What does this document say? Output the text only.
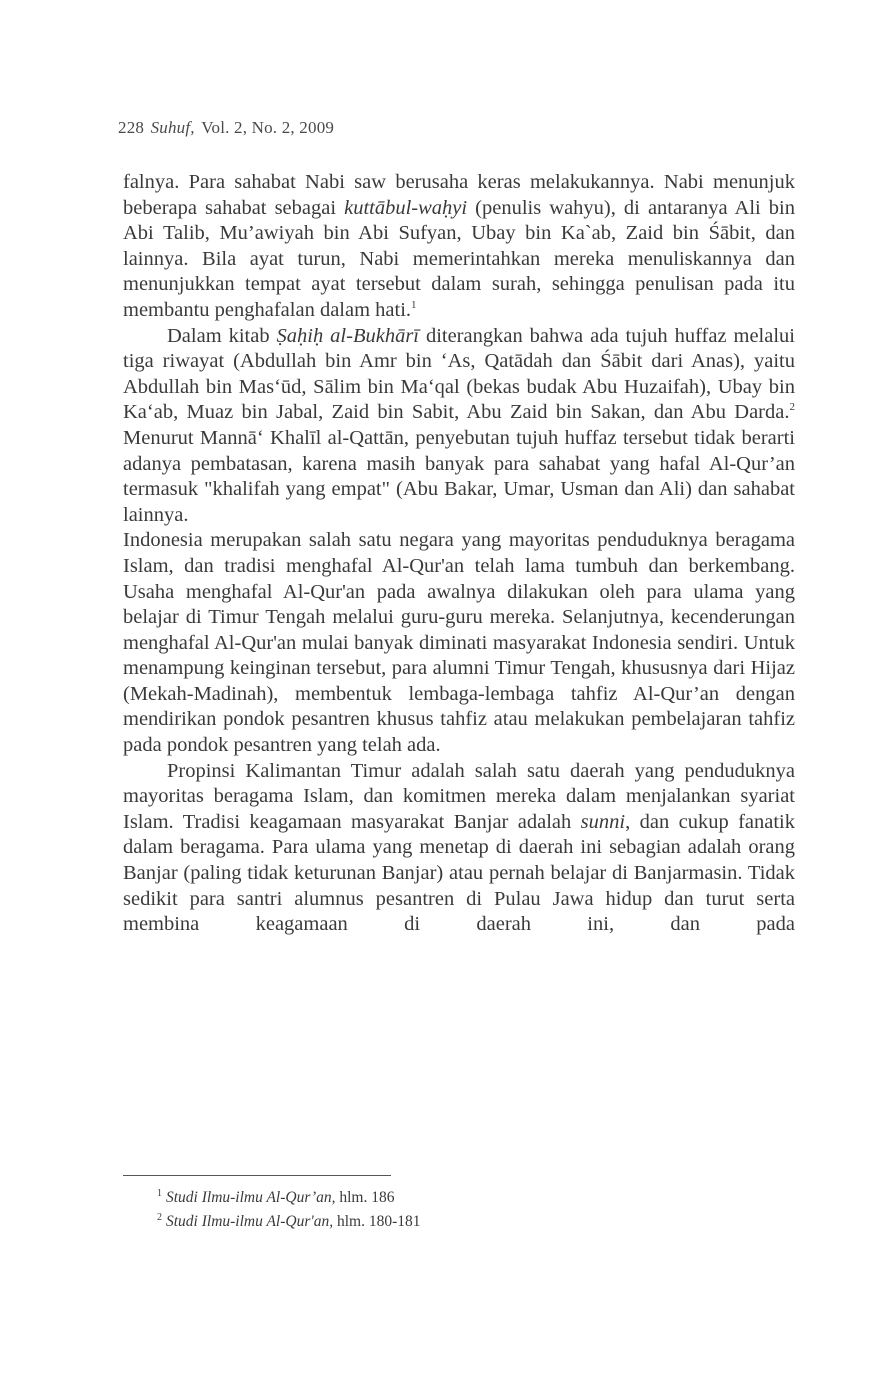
228 Suhuf, Vol. 2, No. 2, 2009

falnya. Para sahabat Nabi saw berusaha keras melakukannya. Nabi menunjuk beberapa sahabat sebagai kuttābul-waḥyi (penulis wahyu), di antaranya Ali bin Abi Talib, Mu’awiyah bin Abi Sufyan, Ubay bin Ka`ab, Zaid bin Śābit, dan lainnya. Bila ayat turun, Nabi memerintahkan mereka menuliskannya dan menunjukkan tempat ayat tersebut dalam surah, sehingga penulisan pada itu membantu penghafalan dalam hati.$^1$

Dalam kitab Ṣaḥiḥ al-Bukhārī diterangkan bahwa ada tujuh huffaz melalui tiga riwayat (Abdullah bin Amr bin ‘As, Qatādah dan Śābit dari Anas), yaitu Abdullah bin Mas‘ūd, Sālim bin Ma‘qal (bekas budak Abu Huzaifah), Ubay bin Ka‘ab, Muaz bin Jabal, Zaid bin Sabit, Abu Zaid bin Sakan, dan Abu Darda.$^2$ Menurut Mannā‘ Khalīl al-Qattān, penyebutan tujuh huffaz tersebut tidak berarti adanya pembatasan, karena masih banyak para sahabat yang hafal Al-Qur’an termasuk "khalifah yang empat" (Abu Bakar, Umar, Usman dan Ali) dan sahabat lainnya.

Indonesia merupakan salah satu negara yang mayoritas penduduknya beragama Islam, dan tradisi menghafal Al-Qur'an telah lama tumbuh dan berkembang. Usaha menghafal Al-Qur'an pada awalnya dilakukan oleh para ulama yang belajar di Timur Tengah melalui guru-guru mereka. Selanjutnya, kecenderungan menghafal Al-Qur'an mulai banyak diminati masyarakat Indonesia sendiri. Untuk menampung keinginan tersebut, para alumni Timur Tengah, khususnya dari Hijaz (Mekah-Madinah), membentuk lembaga-lembaga tahfiz Al-Qur’an dengan mendirikan pondok pesantren khusus tahfiz atau melakukan pembelajaran tahfiz pada pondok pesantren yang telah ada.

Propinsi Kalimantan Timur adalah salah satu daerah yang penduduknya mayoritas beragama Islam, dan komitmen mereka dalam menjalankan syariat Islam. Tradisi keagamaan masyarakat Banjar adalah sunni, dan cukup fanatik dalam beragama. Para ulama yang menetap di daerah ini sebagian adalah orang Banjar (paling tidak keturunan Banjar) atau pernah belajar di Banjarmasin. Tidak sedikit para santri alumnus pesantren di Pulau Jawa hidup dan turut serta membina keagamaan di daerah ini, dan pada

$^1$ Studi Ilmu-ilmu Al-Qur’an, hlm. 186
$^2$ Studi Ilmu-ilmu Al-Qur'an, hlm. 180-181
